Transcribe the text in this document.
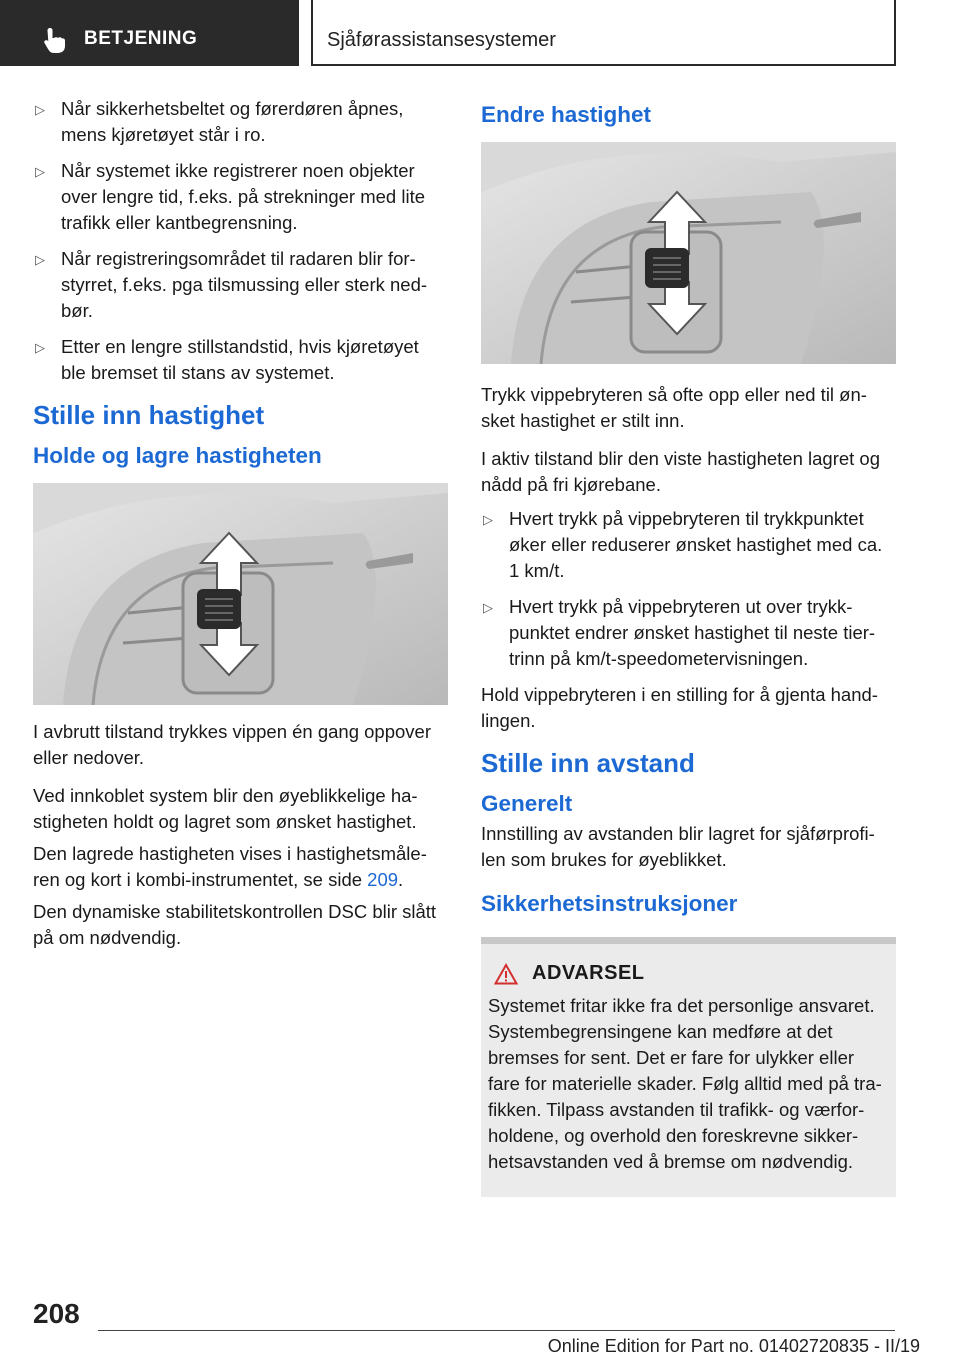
BETJENING	Sjåførassistansesystemer
▷ Når sikkerhetsbeltet og førerdøren åpnes, mens kjøretøyet står i ro.
▷ Når systemet ikke registrerer noen objekter over lengre tid, f.eks. på strekninger med lite trafikk eller kantbegrensning.
▷ Når registreringsområdet til radaren blir for-styrret, f.eks. pga tilsmussing eller sterk ned-bør.
▷ Etter en lengre stillstandstid, hvis kjøretøyet ble bremset til stans av systemet.
Stille inn hastighet
Holde og lagre hastigheten

I avbrutt tilstand trykkes vippen én gang oppover eller nedover.

Ved innkoblet system blir den øyeblikkelige ha-stigheten holdt og lagret som ønsket hastighet.

Den lagrede hastigheten vises i hastighetsmåle-ren og kort i kombi-instrumentet, se side 209.

Den dynamiske stabilitetskontrollen DSC blir slått på om nødvendig.

Endre hastighet

Trykk vippebryteren så ofte opp eller ned til øn-sket hastighet er stilt inn.

I aktiv tilstand blir den viste hastigheten lagret og nådd på fri kjørebane.

▷ Hvert trykk på vippebryteren til trykkpunktet øker eller reduserer ønsket hastighet med ca. 1 km/t.
▷ Hvert trykk på vippebryteren ut over trykk-punktet endrer ønsket hastighet til neste tier-trinn på km/t-speedometervisningen.

Hold vippebryteren i en stilling for å gjenta hand-lingen.

Stille inn avstand
Generelt

Innstilling av avstanden blir lagret for sjåførprofi-len som brukes for øyeblikket.

Sikkerhetsinstruksjoner
ADVARSEL
Systemet fritar ikke fra det personlige ansvaret. Systembegrensingene kan medføre at det bremses for sent. Det er fare for ulykker eller fare for materielle skader. Følg alltid med på tra-fikken. Tilpass avstanden til trafikk- og værfor-holdene, og overhold den foreskrevne sikker-hetsavstanden ved å bremse om nødvendig.
208
Online Edition for Part no. 01402720835 - II/19
